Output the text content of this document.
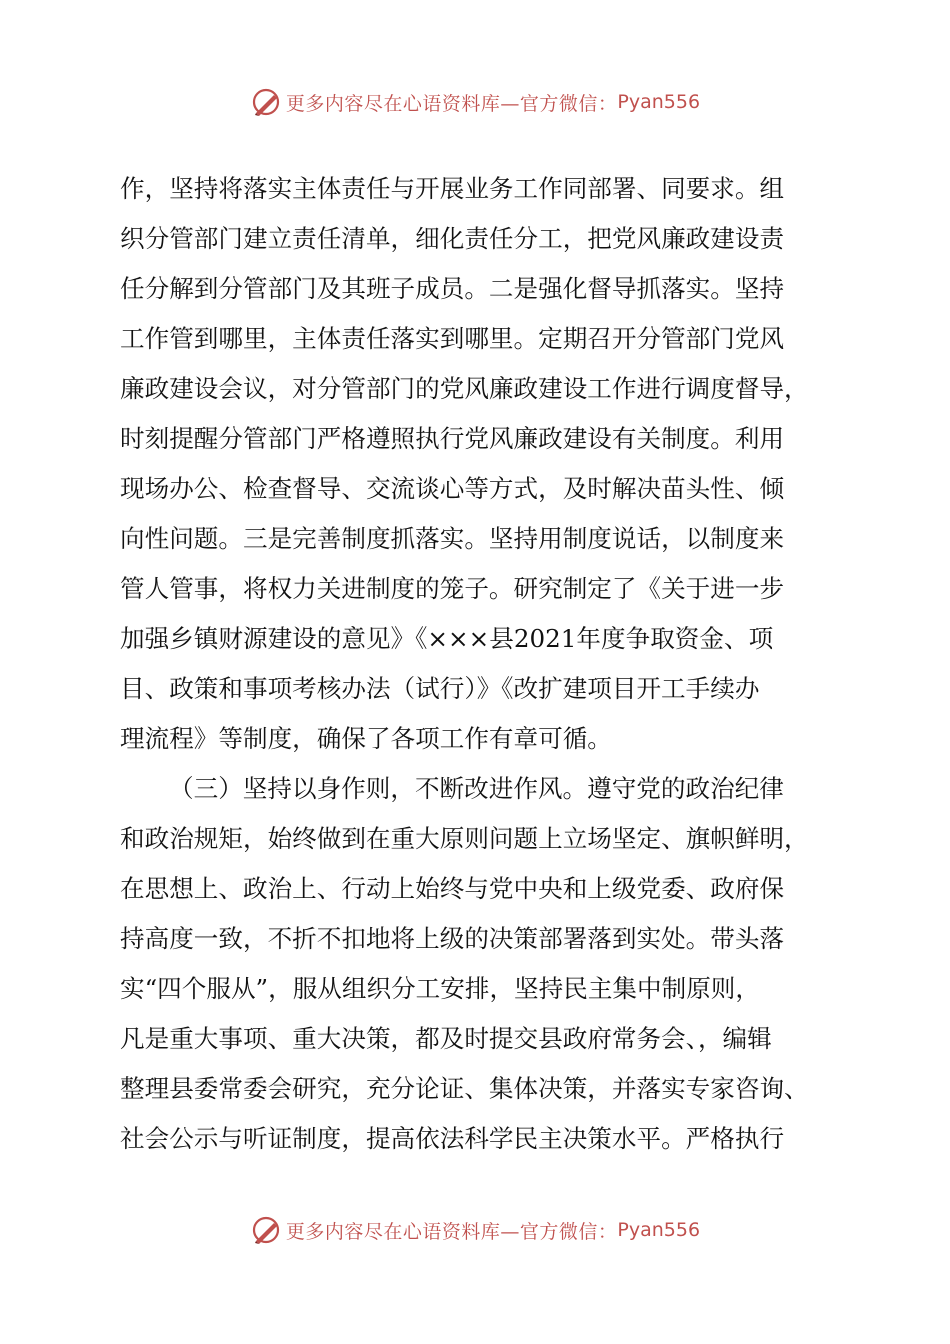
更多内容尽在心语资料库—官方微信： Pyan556
作，坚持将落实主体责任与开展业务工作同部署、同要求。组
织分管部门建立责任清单，细化责任分工，把党风廉政建设责
任分解到分管部门及其班子成员。二是强化督导抓落实。坚持
工作管到哪里，主体责任落实到哪里。定期召开分管部门党风
廉政建设会议，对分管部门的党风廉政建设工作进行调度督导，
时刻提醒分管部门严格遵照执行党风廉政建设有关制度。利用
现场办公、检查督导、交流谈心等方式，及时解决苗头性、倾
向性问题。三是完善制度抓落实。坚持用制度说话，以制度来
管人管事，将权力关进制度的笼子。研究制定了《关于进一步
加强乡镇财源建设的意见》《×××县2021年度争取资金、项
目、政策和事项考核办法（试行）》《改扩建项目开工手续办
理流程》等制度，确保了各项工作有章可循。
（三）坚持以身作则，不断改进作风。遵守党的政治纪律
和政治规矩，始终做到在重大原则问题上立场坚定、旗帜鲜明，
在思想上、政治上、行动上始终与党中央和上级党委、政府保
持高度一致，不折不扣地将上级的决策部署落到实处。带头落
实“四个服从”，服从组织分工安排，坚持民主集中制原则，
凡是重大事项、重大决策，都及时提交县政府常务会、，编辑
整理县委常委会研究，充分论证、集体决策，并落实专家咨询、
社会公示与听证制度，提高依法科学民主决策水平。严格执行
更多内容尽在心语资料库—官方微信： Pyan556
